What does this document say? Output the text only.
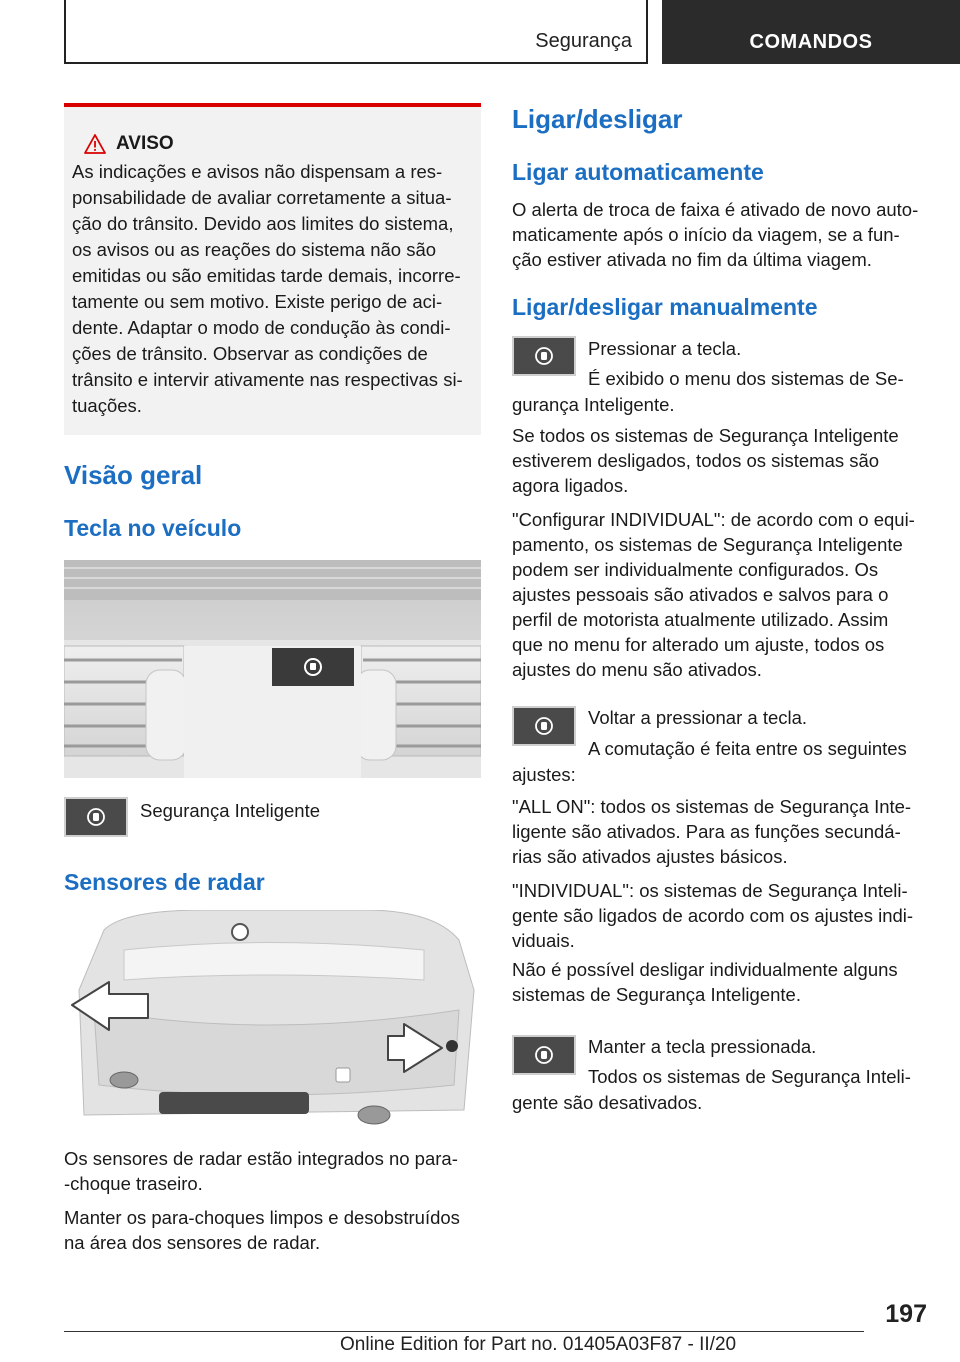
Segurança	COMANDOS
AVISO
As indicações e avisos não dispensam a res-
ponsabilidade de avaliar corretamente a situa-
ção do trânsito. Devido aos limites do sistema,
os avisos ou as reações do sistema não são
emitidas ou são emitidas tarde demais, incorre-
tamente ou sem motivo. Existe perigo de aci-
dente. Adaptar o modo de condução às condi-
ções de trânsito. Observar as condições de
trânsito e intervir ativamente nas respectivas si-
tuações.
Visão geral
Tecla no veículo
Segurança Inteligente
Sensores de radar
Os sensores de radar estão integrados no para-
-choque traseiro.
Manter os para-choques limpos e desobstruídos
na área dos sensores de radar.
Ligar/desligar
Ligar automaticamente
O alerta de troca de faixa é ativado de novo auto-
maticamente após o início da viagem, se a fun-
ção estiver ativada no fim da última viagem.
Ligar/desligar manualmente
Pressionar a tecla.
É exibido o menu dos sistemas de Se-
gurança Inteligente.
Se todos os sistemas de Segurança Inteligente
estiverem desligados, todos os sistemas são
agora ligados.
"Configurar INDIVIDUAL": de acordo com o equi-
pamento, os sistemas de Segurança Inteligente
podem ser individualmente configurados. Os
ajustes pessoais são ativados e salvos para o
perfil de motorista atualmente utilizado. Assim
que no menu for alterado um ajuste, todos os
ajustes do menu são ativados.
Voltar a pressionar a tecla.
A comutação é feita entre os seguintes
ajustes:
"ALL ON": todos os sistemas de Segurança Inte-
ligente são ativados. Para as funções secundá-
rias são ativados ajustes básicos.
"INDIVIDUAL": os sistemas de Segurança Inteli-
gente são ligados de acordo com os ajustes indi-
viduais.
Não é possível desligar individualmente alguns
sistemas de Segurança Inteligente.
Manter a tecla pressionada.
Todos os sistemas de Segurança Inteli-
gente são desativados.
197
Online Edition for Part no. 01405A03F87 - II/20
